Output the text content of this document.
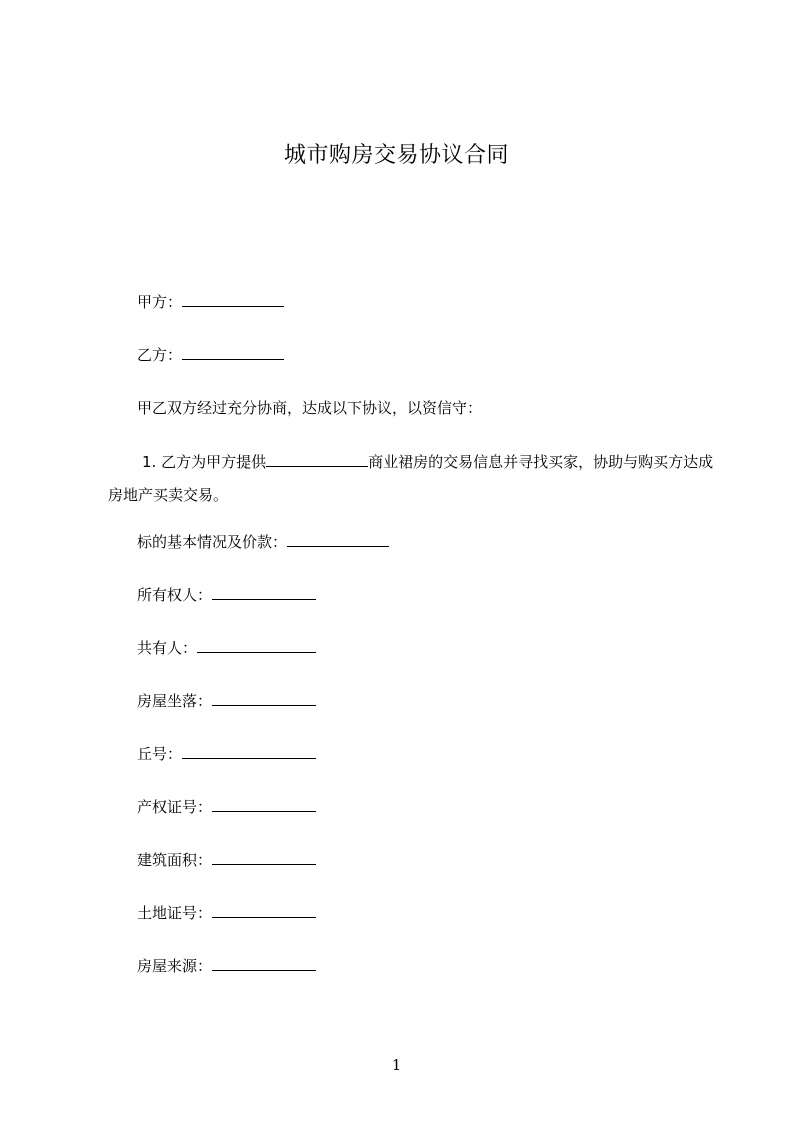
城市购房交易协议合同
甲方：
乙方：
甲乙双方经过充分协商，达成以下协议，以资信守：
1. 乙方为甲方提供	商业裙房的交易信息并寻找买家，协助与购买方达成房地产买卖交易。
标的基本情况及价款：
所有权人：
共有人：
房屋坐落：
丘号：
产权证号：
建筑面积：
土地证号：
房屋来源：
1
